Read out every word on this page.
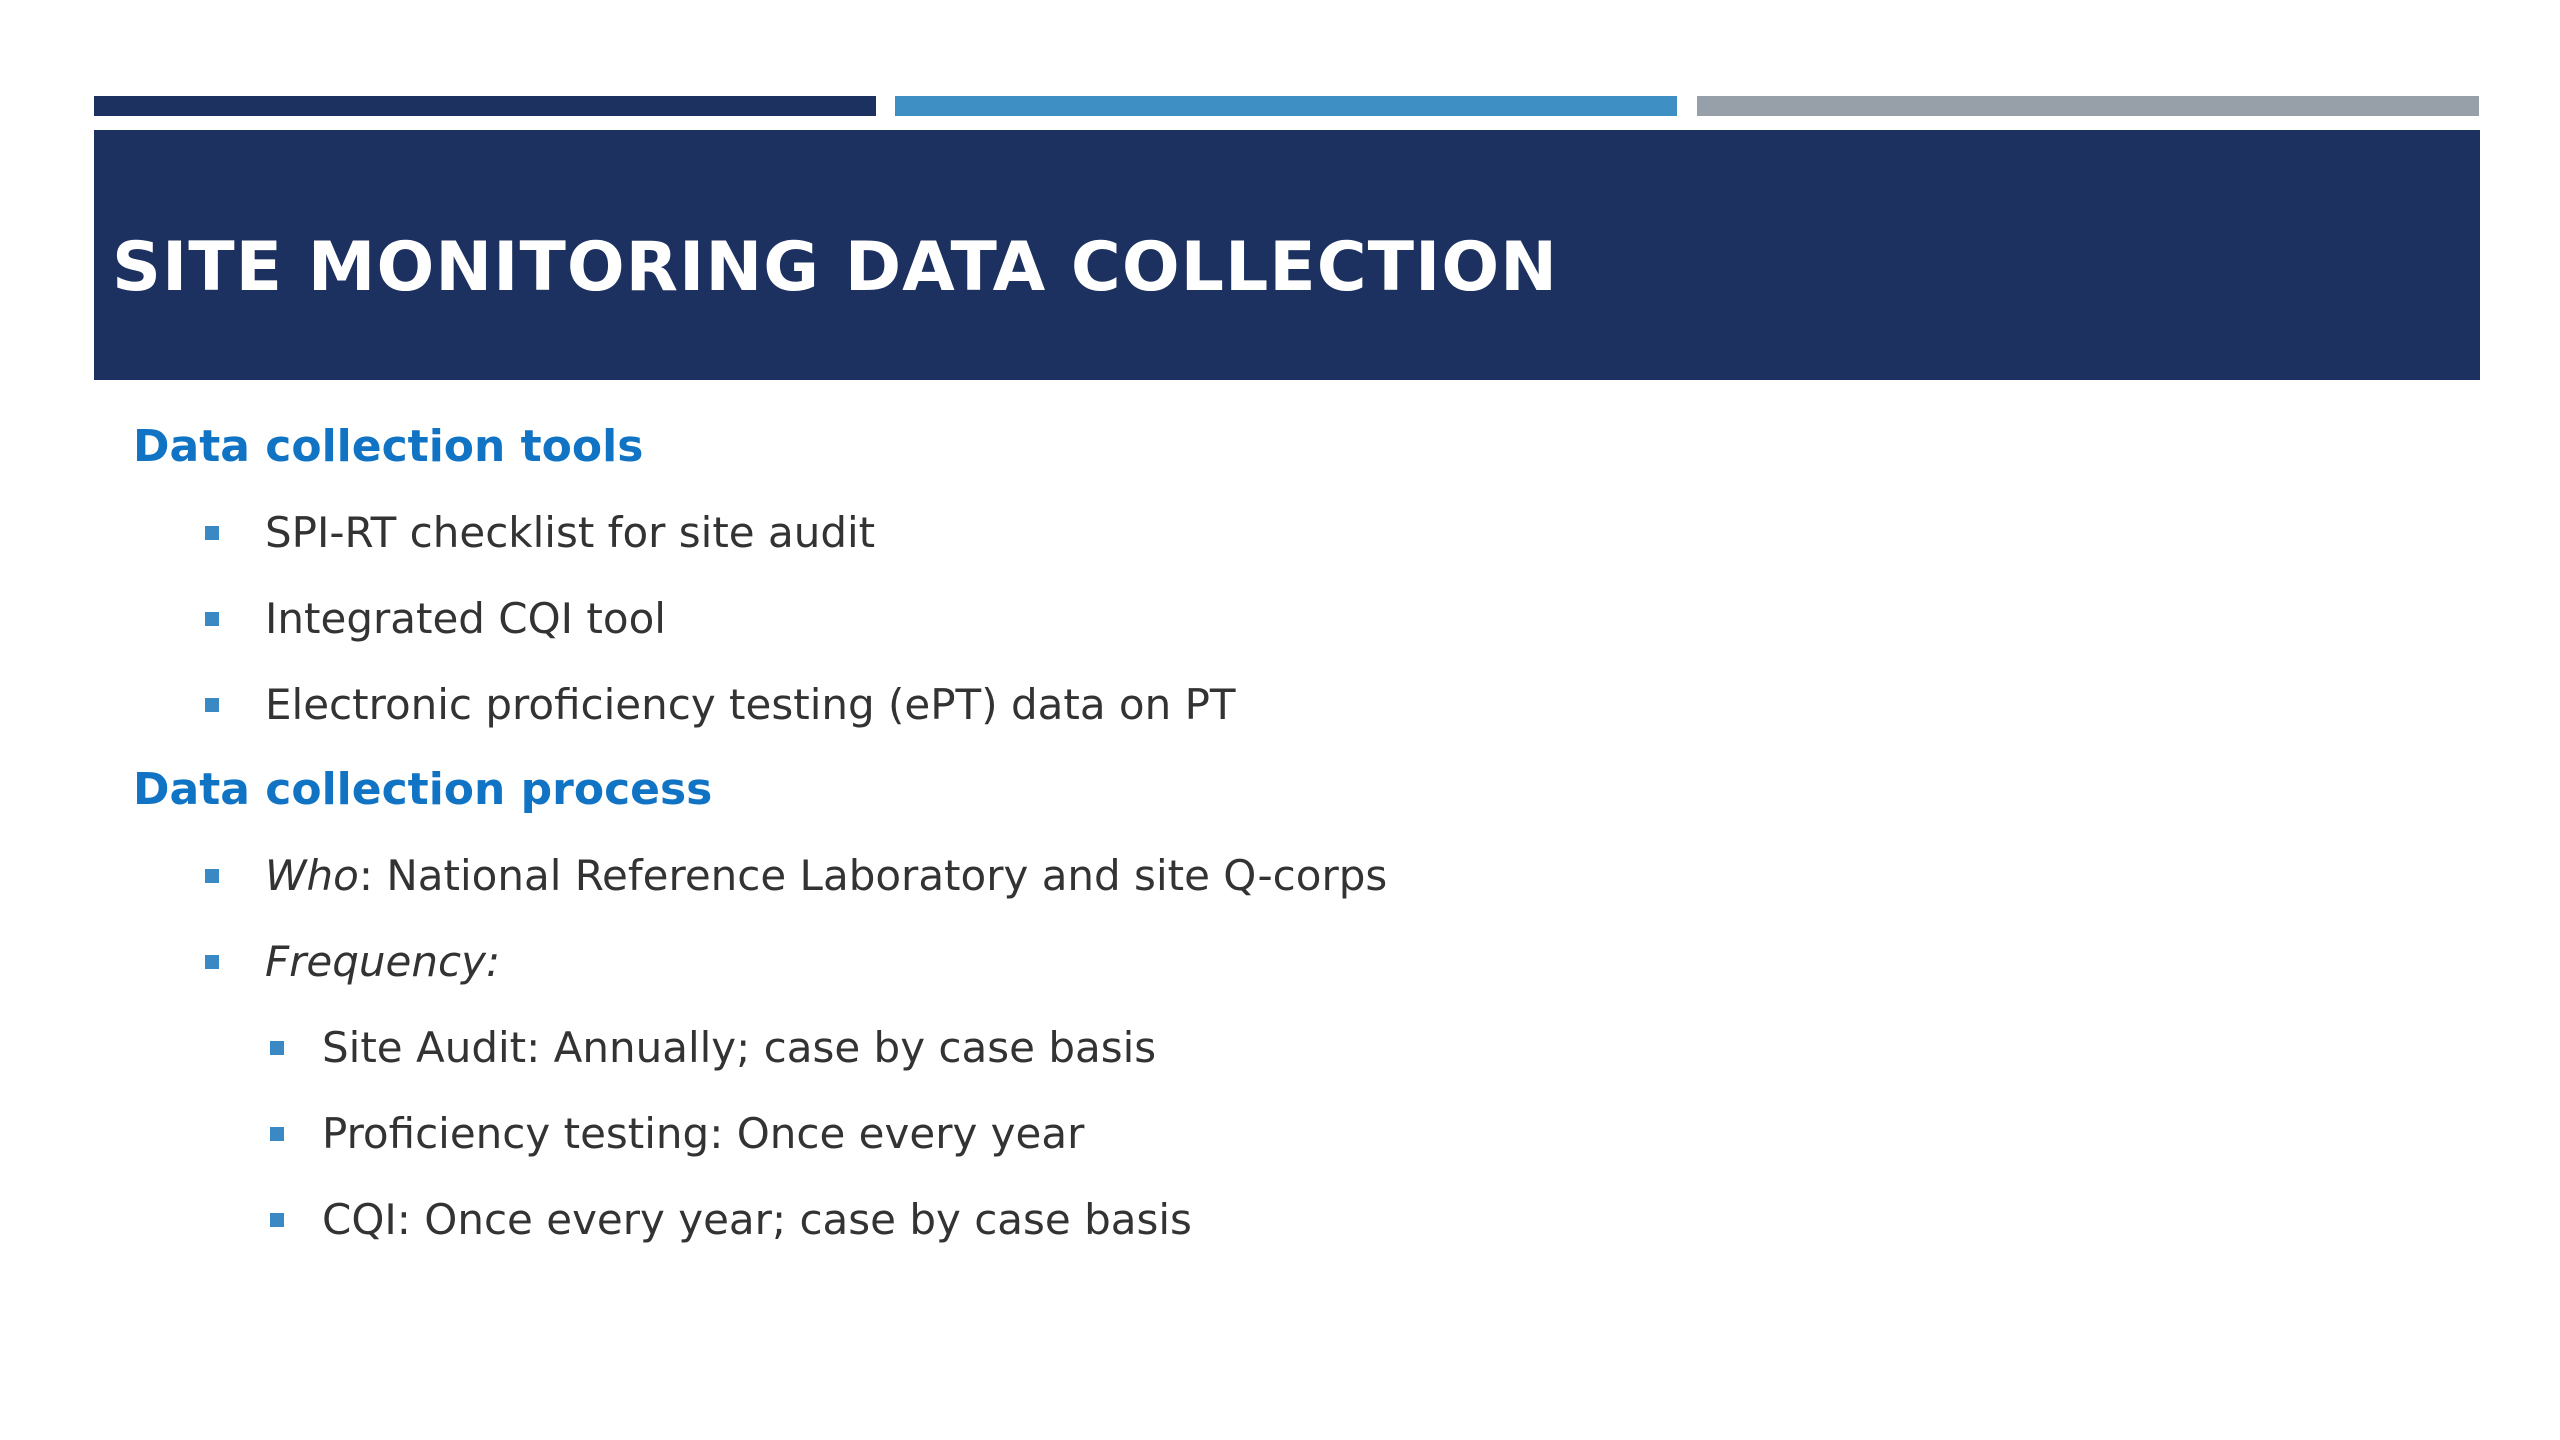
SITE MONITORING DATA COLLECTION
Data collection tools
SPI-RT checklist for site audit
Integrated CQI tool
Electronic proficiency testing (ePT) data on PT
Data collection process
Who: National Reference Laboratory and site Q-corps
Frequency:
Site Audit: Annually; case by case basis
Proficiency testing: Once every year
CQI: Once every year; case by case basis
